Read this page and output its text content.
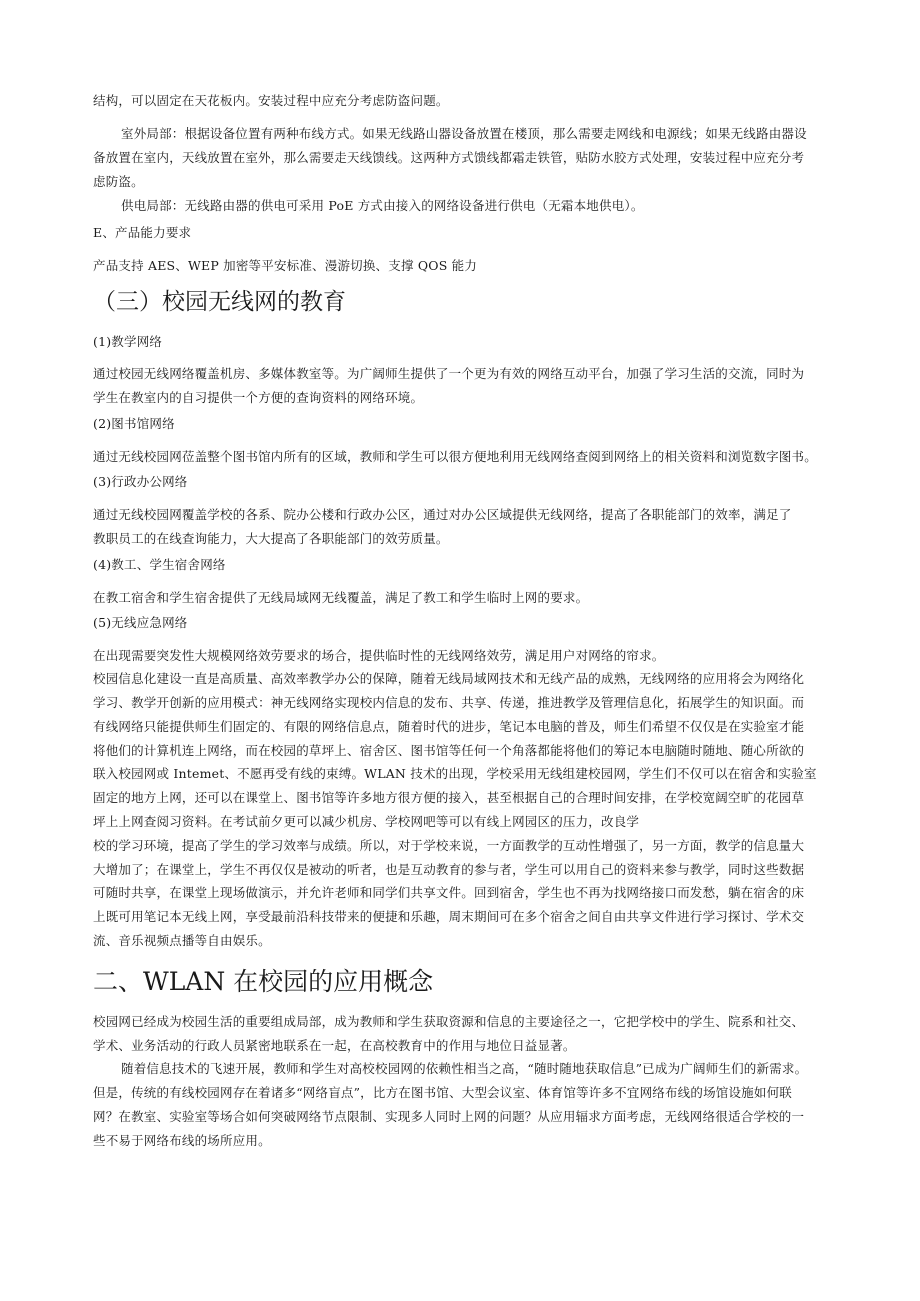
结构，可以固定在天花板内。安装过程中应充分考虑防盗问题。
室外局部：根据设备位置有两种布线方式。如果无线路山器设备放置在楼顶，那么需要走网线和电源线；如果无线路由器设
备放置在室内，天线放置在室外，那么需要走天线馈线。这两种方式馈线都霜走铁管，贴防水胶方式处理，安装过程中应充分考
虑防盗。
供电局部：无线路由器的供电可采用 PoE 方式由接入的网络设备进行供电（无霜本地供电）。
E、产品能力要求
产品支持 AES、WEP 加密等平安标准、漫游切换、支撑 QOS 能力
（三）校园无线网的教育
(1)教学网络
通过校园无线网络覆盖机房、多媒体教室等。为广阔师生提供了一个更为有效的网络互动平台，加强了学习生活的交流，同时为
学生在教室内的自习提供一个方便的查询资料的网络环境。
(2)图书馆网络
通过无线校园网莅盖整个图书馆内所有的区域，教师和学生可以很方便地利用无线网络查阅到网络上的相关资料和浏览数字图书。
(3)行政办公网络
通过无线校园网覆盖学校的各系、院办公楼和行政办公区，通过对办公区域提供无线网络，提高了各职能部门的效率，满足了
教职员工的在线查询能力，大大提高了各职能部门的效劳质量。
(4)教工、学生宿舍网络
在教工宿舍和学生宿舍提供了无线局域网无线覆盖，满足了教工和学生临时上网的要求。
(5)无线应急网络
在出现需要突发性大规模网络效劳要求的场合，提供临时性的无线网络效劳，满足用户对网络的帘求。
校园信息化建设一直是高质量、高效率教学办公的保障，随着无线局域网技术和无线产品的成熟，无线网络的应用将会为网络化
学习、教学开创新的应用模式：神无线网络实现校内信息的发布、共享、传递，推进教学及管理信息化，拓展学生的知识面。而
有线网络只能提供师生们固定的、有限的网络信息点，随着时代的进步，笔记本电脑的普及，师生们希望不仅仅是在实验室才能
将他们的计算机连上网络，而在校园的草坪上、宿舍区、图书馆等任何一个角落都能将他们的筹记本电脑随时随地、随心所欲的
联入校园网或 Intemet、不愿再受有线的束缚。WLAN 技术的出现，学校采用无线组建校园网，学生们不仅可以在宿舍和实验室
固定的地方上网，还可以在课堂上、图书馆等许多地方很方便的接入，甚至根据自己的合理时间安排，在学校宽阔空旷的花园草
坪上上网查阅习资料。在考试前夕更可以减少机房、学校网吧等可以有线上网园区的压力，改良学
校的学习环境，提高了学生的学习效率与成绩。所以，对于学校来说，一方面教学的互动性增强了，另一方面，教学的信息量大
大增加了；在课堂上，学生不再仅仅是被动的听者，也是互动教育的参与者，学生可以用自己的资料来参与教学，同时这些数据
可随时共享，在课堂上现场做演示，并允许老师和同学们共享文件。回到宿舍，学生也不再为找网络接口而发愁，躺在宿舍的床
上既可用笔记本无线上网，享受最前沿科技带来的便捷和乐趣，周末期间可在多个宿舍之间自由共享文件进行学习探讨、学术交
流、音乐视频点播等自由娱乐。
二、WLAN 在校园的应用概念
校园网已经成为校园生活的重要组成局部，成为教师和学生获取资源和信息的主要途径之一，它把学校中的学生、院系和社交、
学术、业务活动的行政人员紧密地联系在一起，在高校教育中的作用与地位日益显著。
随着信息技术的飞速开展，教师和学生对高校校园网的依赖性相当之高，“随时随地获取信息”已成为广阔师生们的新需求。
但是，传统的有线校园网存在着诸多“网络盲点”，比方在图书馆、大型会议室、体育馆等许多不宜网络布线的场馆设施如何联
网？在教室、实验室等场合如何突破网络节点限制、实现多人同时上网的问题？从应用辐求方面考虑，无线网络很适合学校的一
些不易于网络布线的场所应用。
